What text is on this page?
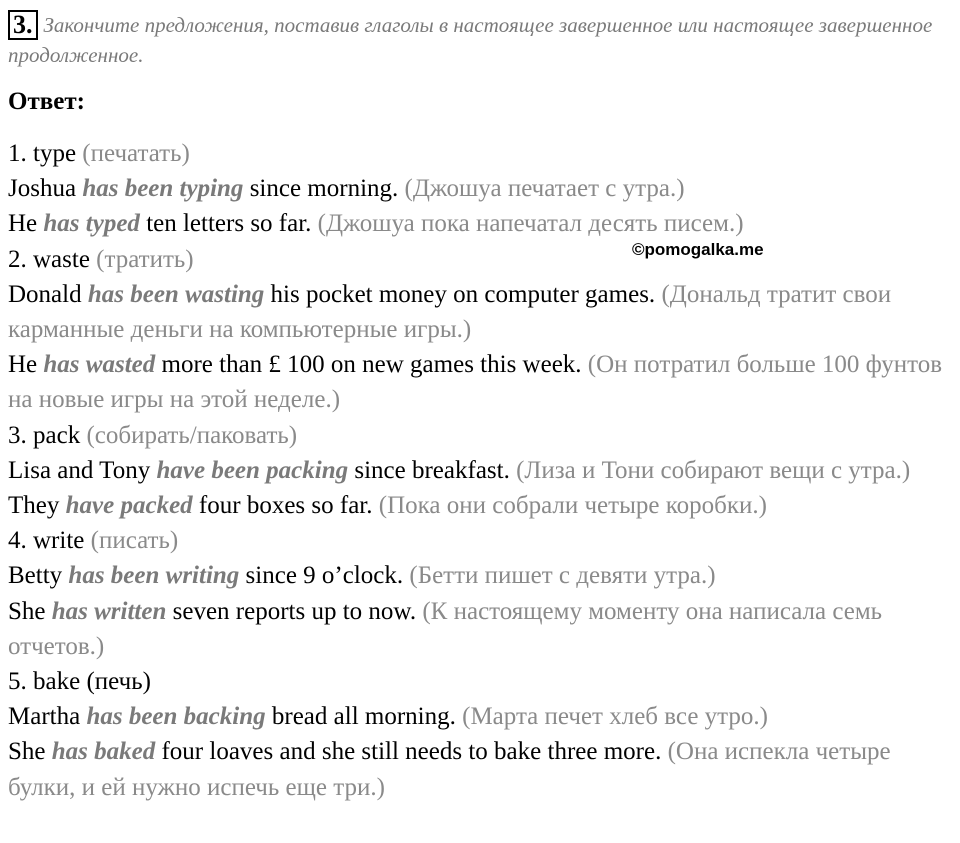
3. Закончите предложения, поставив глаголы в настоящее завершенное или настоящее завершенное продолженное.
Ответ:
©pomogalka.me

1. type (печатать)

Joshua has been typing since morning. (Джошуа печатает с утра.)

He has typed ten letters so far. (Джошуа пока напечатал десять писем.)

2. waste (тратить)

Donald has been wasting his pocket money on computer games. (Дональд тратит свои карманные деньги на компьютерные игры.)

He has wasted more than £ 100 on new games this week. (Он потратил больше 100 фунтов на новые игры на этой неделе.)

3. pack (собирать/паковать)

Lisa and Tony have been packing since breakfast. (Лиза и Тони собирают вещи с утра.)

They have packed four boxes so far. (Пока они собрали четыре коробки.)

4. write (писать)

Betty has been writing since 9 o’clock. (Бетти пишет с девяти утра.)

She has written seven reports up to now. (К настоящему моменту она написала семь отчетов.)

5. bake (печь)

Martha has been backing bread all morning. (Марта печет хлеб все утро.)

She has baked four loaves and she still needs to bake three more. (Она испекла четыре булки, и ей нужно испечь еще три.)
